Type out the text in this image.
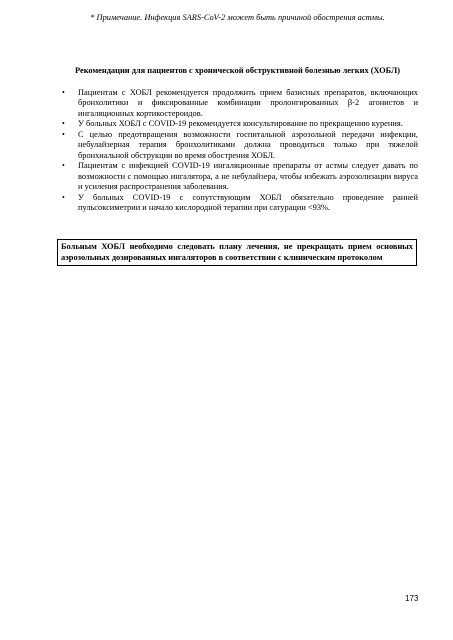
* Примечание. Инфекция SARS-CoV-2 может быть причиной обострения астмы.
Рекомендации для пациентов с хронической обструктивной болезнью легких (ХОБЛ)
• Пациентам с ХОБЛ рекомендуется продолжить прием базисных препаратов, включающих бронхолитики и фиксированные комбинации пролонгированных β-2 агонистов и ингаляционных кортикостероидов.
• У больных ХОБЛ с COVID-19 рекомендуется консультирование по прекращению курения.
• С целью предотвращения возможности госпитальной аэрозольной передачи инфекции, небулайзерная терапия бронхолитиками должна проводиться только при тяжелой бронхиальной обструкции во время обострения ХОБЛ.
• Пациентам с инфекцией COVID-19 ингаляционные препараты от астмы следует давать по возможности с помощью ингалятора, а не небулайзера, чтобы избежать аэрозолизации вируса и усиления распространения заболевания.
• У больных COVID-19 с сопутствующим ХОБЛ обязательно проведение ранней пульсоксиметрии и начало кислородной терапии при сатурации <93%.
Больным ХОБЛ необходимо следовать плану лечения, не прекращать прием основных аэрозольных дозированных ингаляторов в соответствии с клиническим протоколом
173
